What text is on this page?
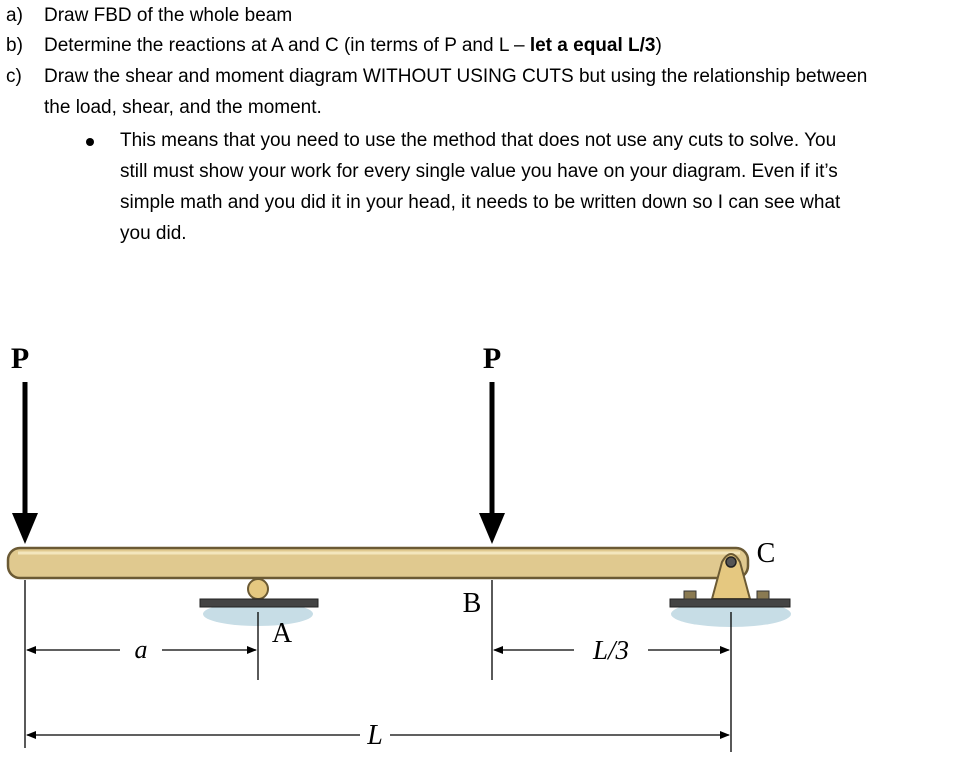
a) Draw FBD of the whole beam
b) Determine the reactions at A and C (in terms of P and L – let a equal L/3)
c) Draw the shear and moment diagram WITHOUT USING CUTS but using the relationship between
the load, shear, and the moment.
This means that you need to use the method that does not use any cuts to solve. You
still must show your work for every single value you have on your diagram. Even if it’s
simple math and you did it in your head, it needs to be written down so I can see what
you did.
P	P
A
B
C
a	L/3
L
